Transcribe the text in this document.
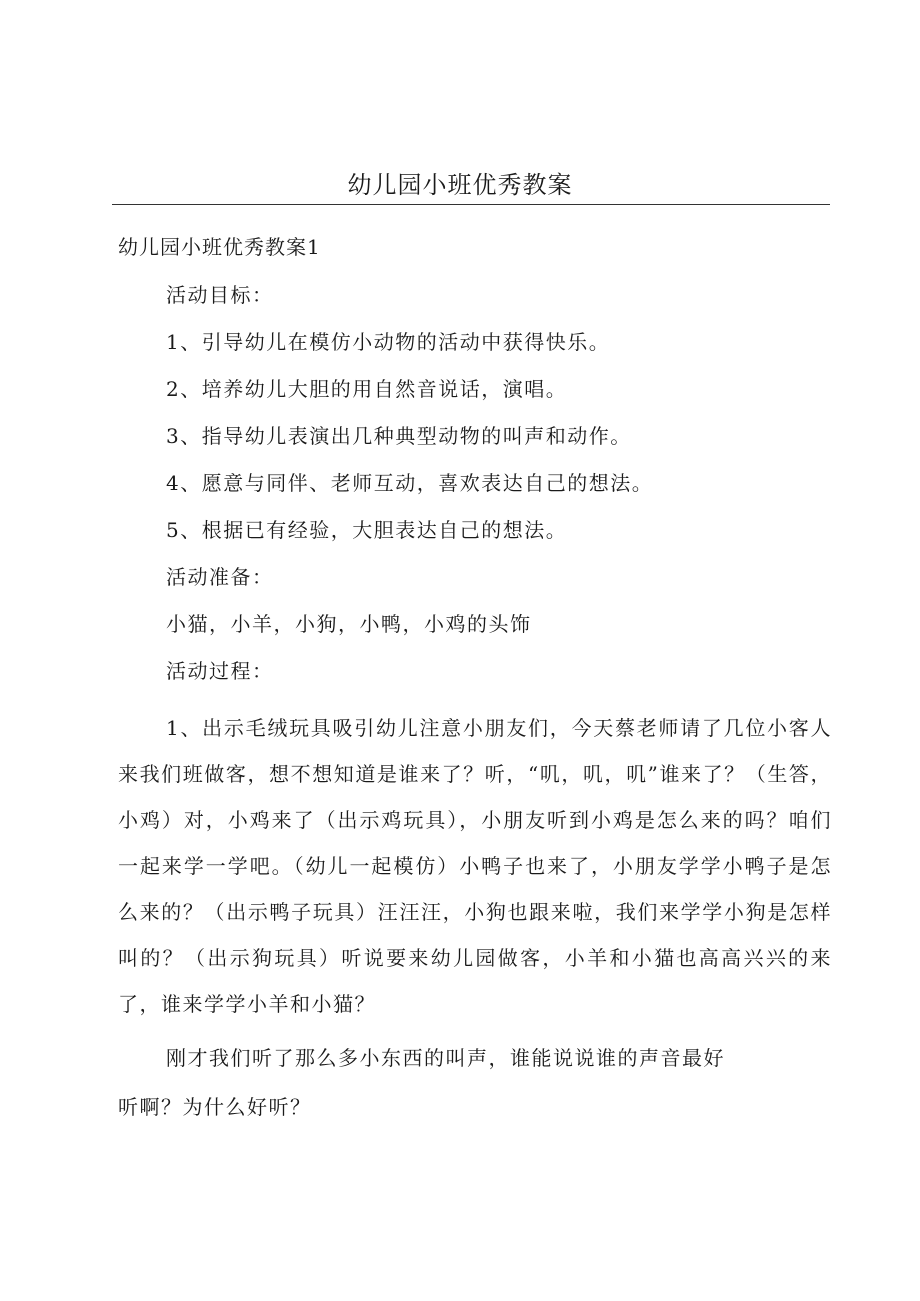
幼儿园小班优秀教案
幼儿园小班优秀教案1
活动目标：
1、引导幼儿在模仿小动物的活动中获得快乐。
2、培养幼儿大胆的用自然音说话，演唱。
3、指导幼儿表演出几种典型动物的叫声和动作。
4、愿意与同伴、老师互动，喜欢表达自己的想法。
5、根据已有经验，大胆表达自己的想法。
活动准备：
小猫，小羊，小狗，小鸭，小鸡的头饰
活动过程：
1、出示毛绒玩具吸引幼儿注意小朋友们，今天蔡老师请了几位小客人来我们班做客，想不想知道是谁来了？听，“叽，叽，叽”谁来了？（生答，小鸡）对，小鸡来了（出示鸡玩具），小朋友听到小鸡是怎么来的吗？咱们一起来学一学吧。（幼儿一起模仿）小鸭子也来了，小朋友学学小鸭子是怎么来的？（出示鸭子玩具）汪汪汪，小狗也跟来啦，我们来学学小狗是怎样叫的？（出示狗玩具）听说要来幼儿园做客，小羊和小猫也高高兴兴的来了，谁来学学小羊和小猫？
刚才我们听了那么多小东西的叫声，谁能说说谁的声音最好
听啊？为什么好听？
